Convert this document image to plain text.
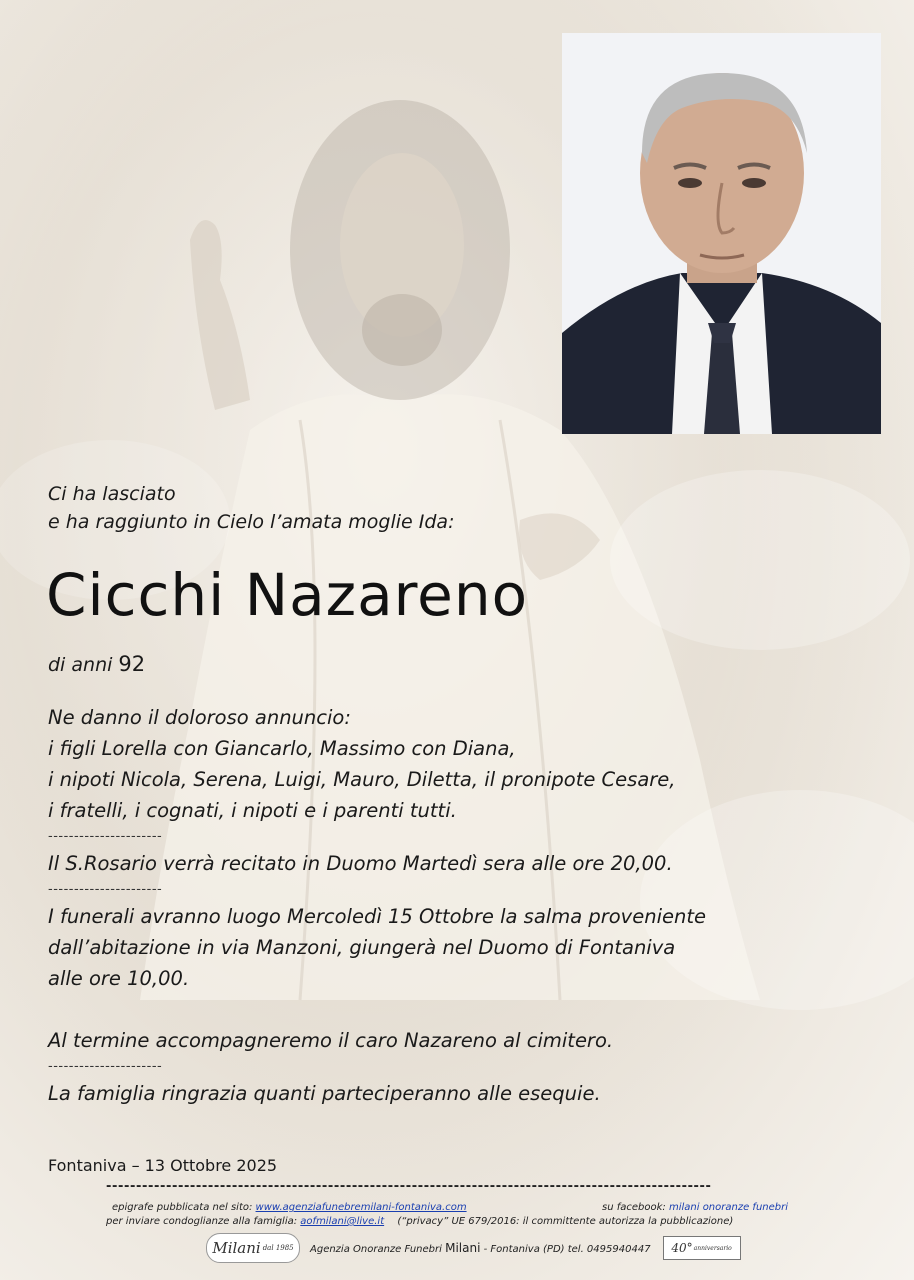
Ci ha lasciato
e ha raggiunto in Cielo l’amata moglie Ida:
Cicchi Nazareno
di anni 92
Ne danno il doloroso annuncio:
i figli Lorella con Giancarlo, Massimo con Diana,
i nipoti Nicola, Serena, Luigi, Mauro, Diletta, il pronipote Cesare,
i fratelli, i cognati, i nipoti e i parenti tutti.
----------------------
Il S.Rosario verrà recitato in Duomo Martedì sera alle ore 20,00.
----------------------
I funerali avranno luogo Mercoledì 15 Ottobre la salma proveniente
dall’abitazione in via Manzoni, giungerà nel Duomo di Fontaniva
alle ore 10,00.
Al termine accompagneremo il caro Nazareno al cimitero.
----------------------
La famiglia ringrazia quanti parteciperanno alle esequie.
Fontaniva – 13 Ottobre 2025
-----------------------------------------------------------------------------------------------------
epigrafe pubblicata nel sito: www.agenziafunebremilani-fontaniva.com	su facebook: milani onoranze funebri
per inviare condoglianze alla famiglia: aofmilani@live.it (“privacy” UE 679/2016: il committente autorizza la pubblicazione)
Milani dal 1985 Agenzia Onoranze Funebri Milani - Fontaniva (PD) tel. 0495940447 40° anniversario
